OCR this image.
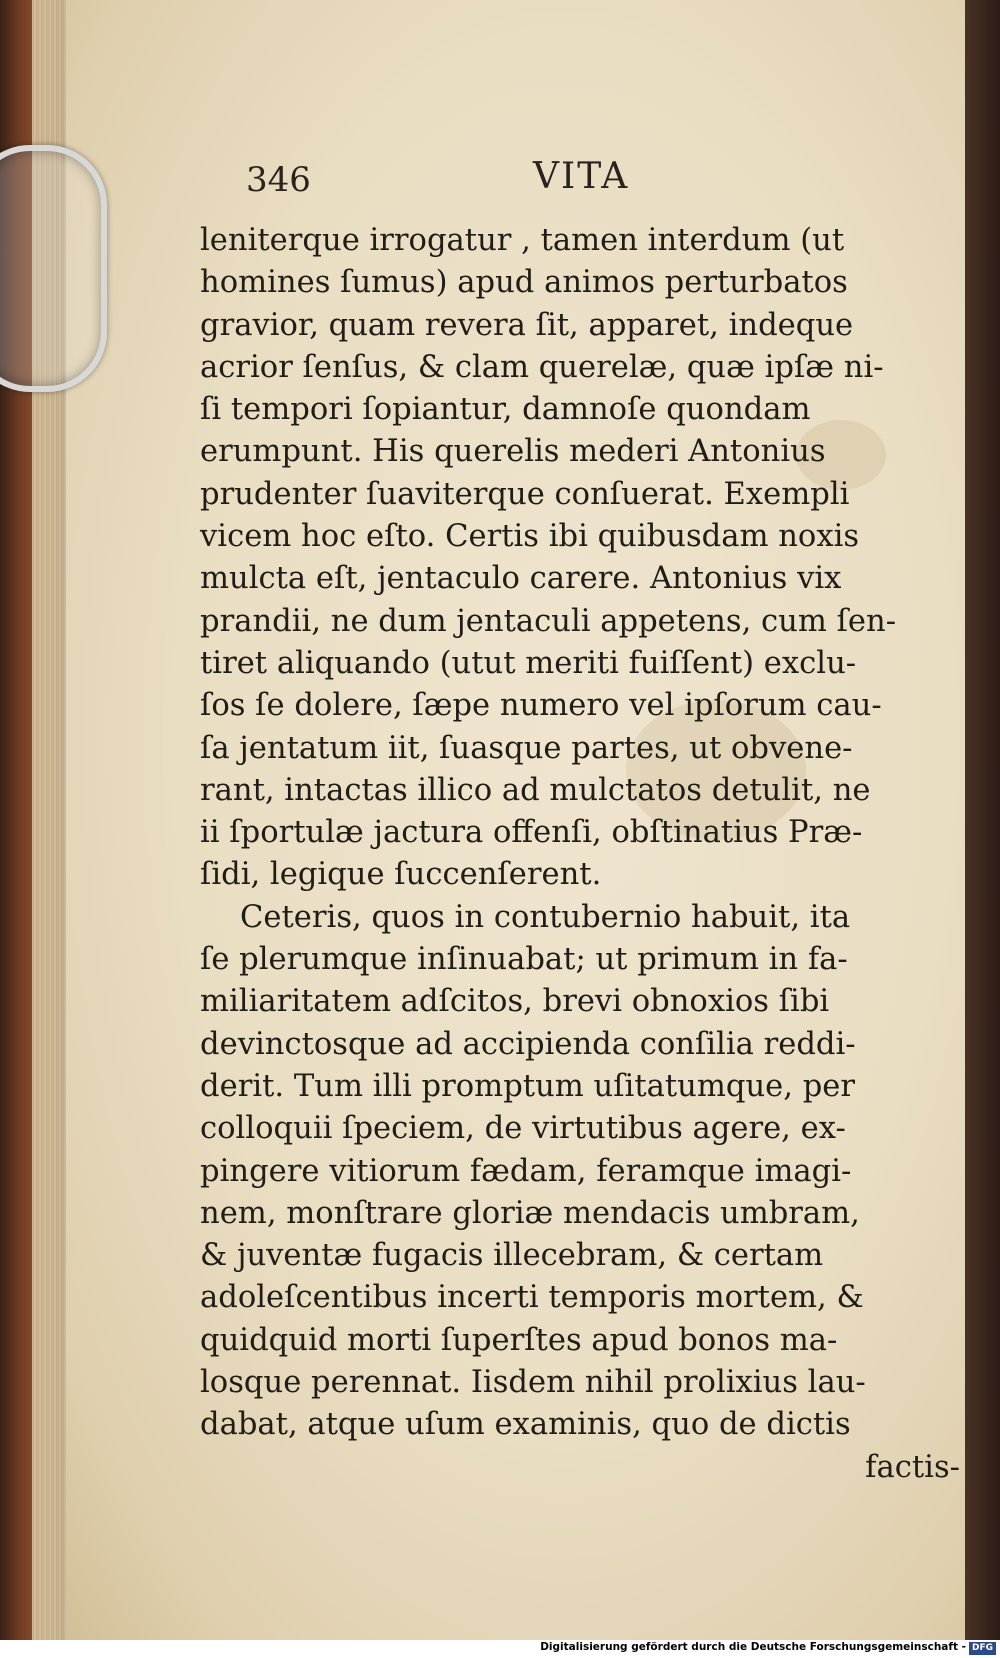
346	VITA
leniterque irrogatur , tamen interdum (ut
homines ſumus) apud animos perturbatos
gravior, quam revera ſit, apparet, indeque
acrior ſenſus, & clam querelæ, quæ ipſæ ni-
ſi tempori ſopiantur, damnoſe quondam
erumpunt. His querelis mederi Antonius
prudenter ſuaviterque conſuerat. Exempli
vicem hoc eſto. Certis ibi quibusdam noxis
mulcta eſt, jentaculo carere. Antonius vix
prandii, ne dum jentaculi appetens, cum ſen-
tiret aliquando (utut meriti fuiſſent) exclu-
ſos ſe dolere, ſæpe numero vel ipſorum cau-
ſa jentatum iit, ſuasque partes, ut obvene-
rant, intactas illico ad mulctatos detulit, ne
ii ſportulæ jactura offenſi, obſtinatius Præ-
ſidi, legique ſuccenſerent.
Ceteris, quos in contubernio habuit, ita
ſe plerumque inſinuabat; ut primum in fa-
miliaritatem adſcitos, brevi obnoxios ſibi
devinctosque ad accipienda conſilia reddi-
derit. Tum illi promptum uſitatumque, per
colloquii ſpeciem, de virtutibus agere, ex-
pingere vitiorum fædam, feramque imagi-
nem, monſtrare gloriæ mendacis umbram,
& juventæ fugacis illecebram, & certam
adoleſcentibus incerti temporis mortem, &
quidquid morti ſuperſtes apud bonos ma-
losque perennat. Iisdem nihil prolixius lau-
dabat, atque uſum examinis, quo de dictis
factis-
Digitalisierung gefördert durch die Deutsche Forschungsgemeinschaft - DFG
